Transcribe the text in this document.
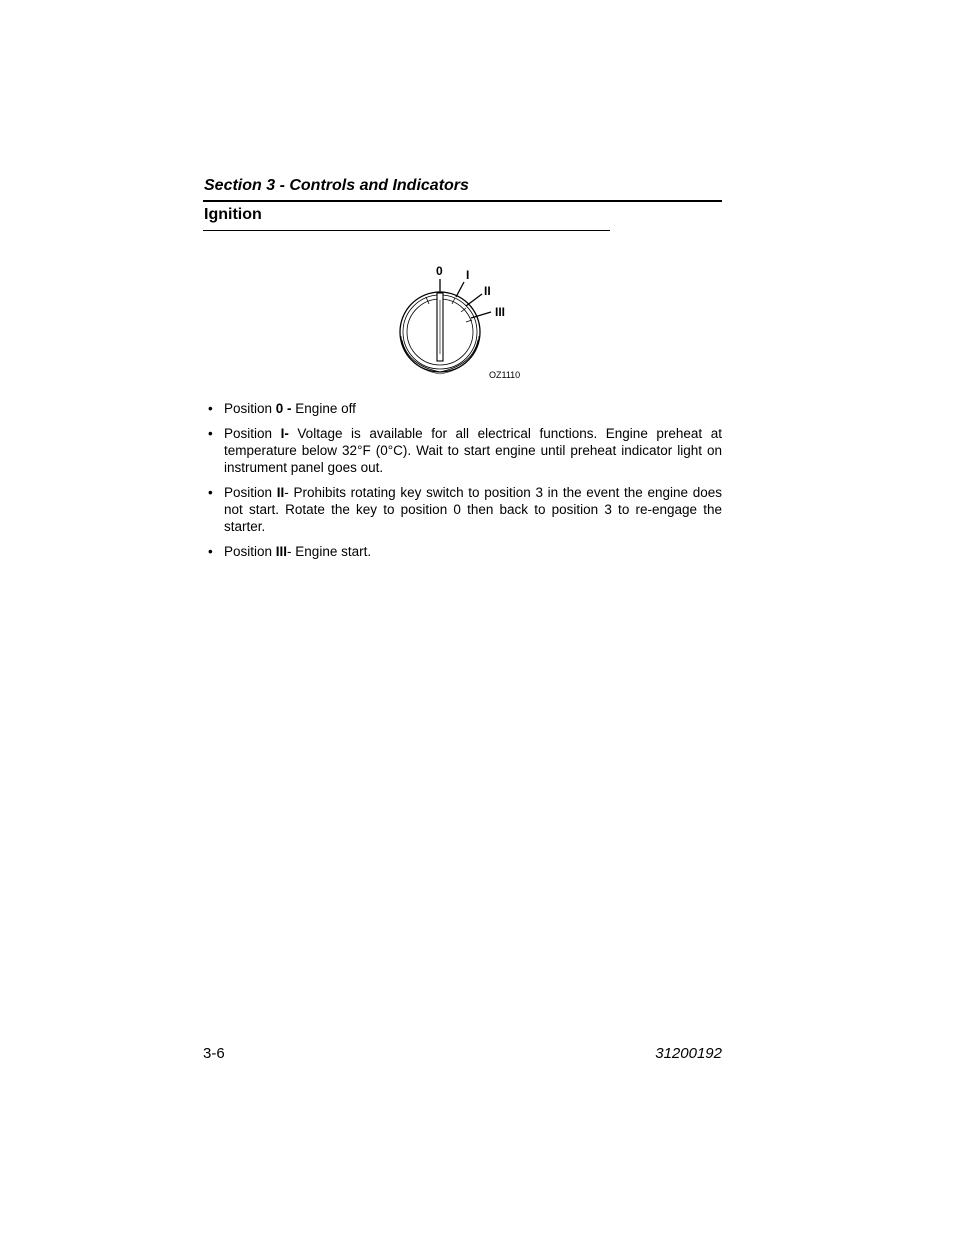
Section 3 - Controls and Indicators
Ignition
0 I
II
III
OZ1110
• Position 0 - Engine off
• Position I- Voltage is available for all electrical functions. Engine preheat at temperature below 32°F (0°C). Wait to start engine until preheat indicator light on instrument panel goes out.
• Position II- Prohibits rotating key switch to position 3 in the event the engine does not start. Rotate the key to position 0 then back to position 3 to re-engage the starter.
• Position III- Engine start.
3-6	31200192
